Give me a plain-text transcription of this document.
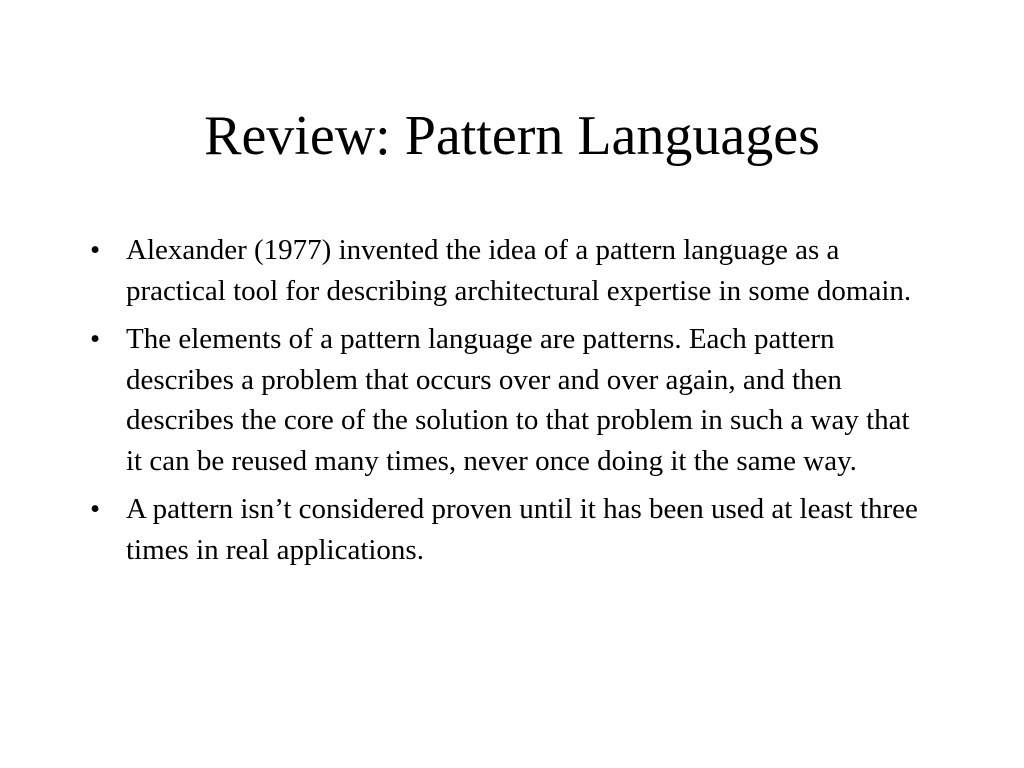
Review: Pattern Languages
• Alexander (1977) invented the idea of a pattern language as a practical tool for describing architectural expertise in some domain.
• The elements of a pattern language are patterns. Each pattern describes a problem that occurs over and over again, and then describes the core of the solution to that problem in such a way that it can be reused many times, never once doing it the same way.
• A pattern isn’t considered proven until it has been used at least three times in real applications.
